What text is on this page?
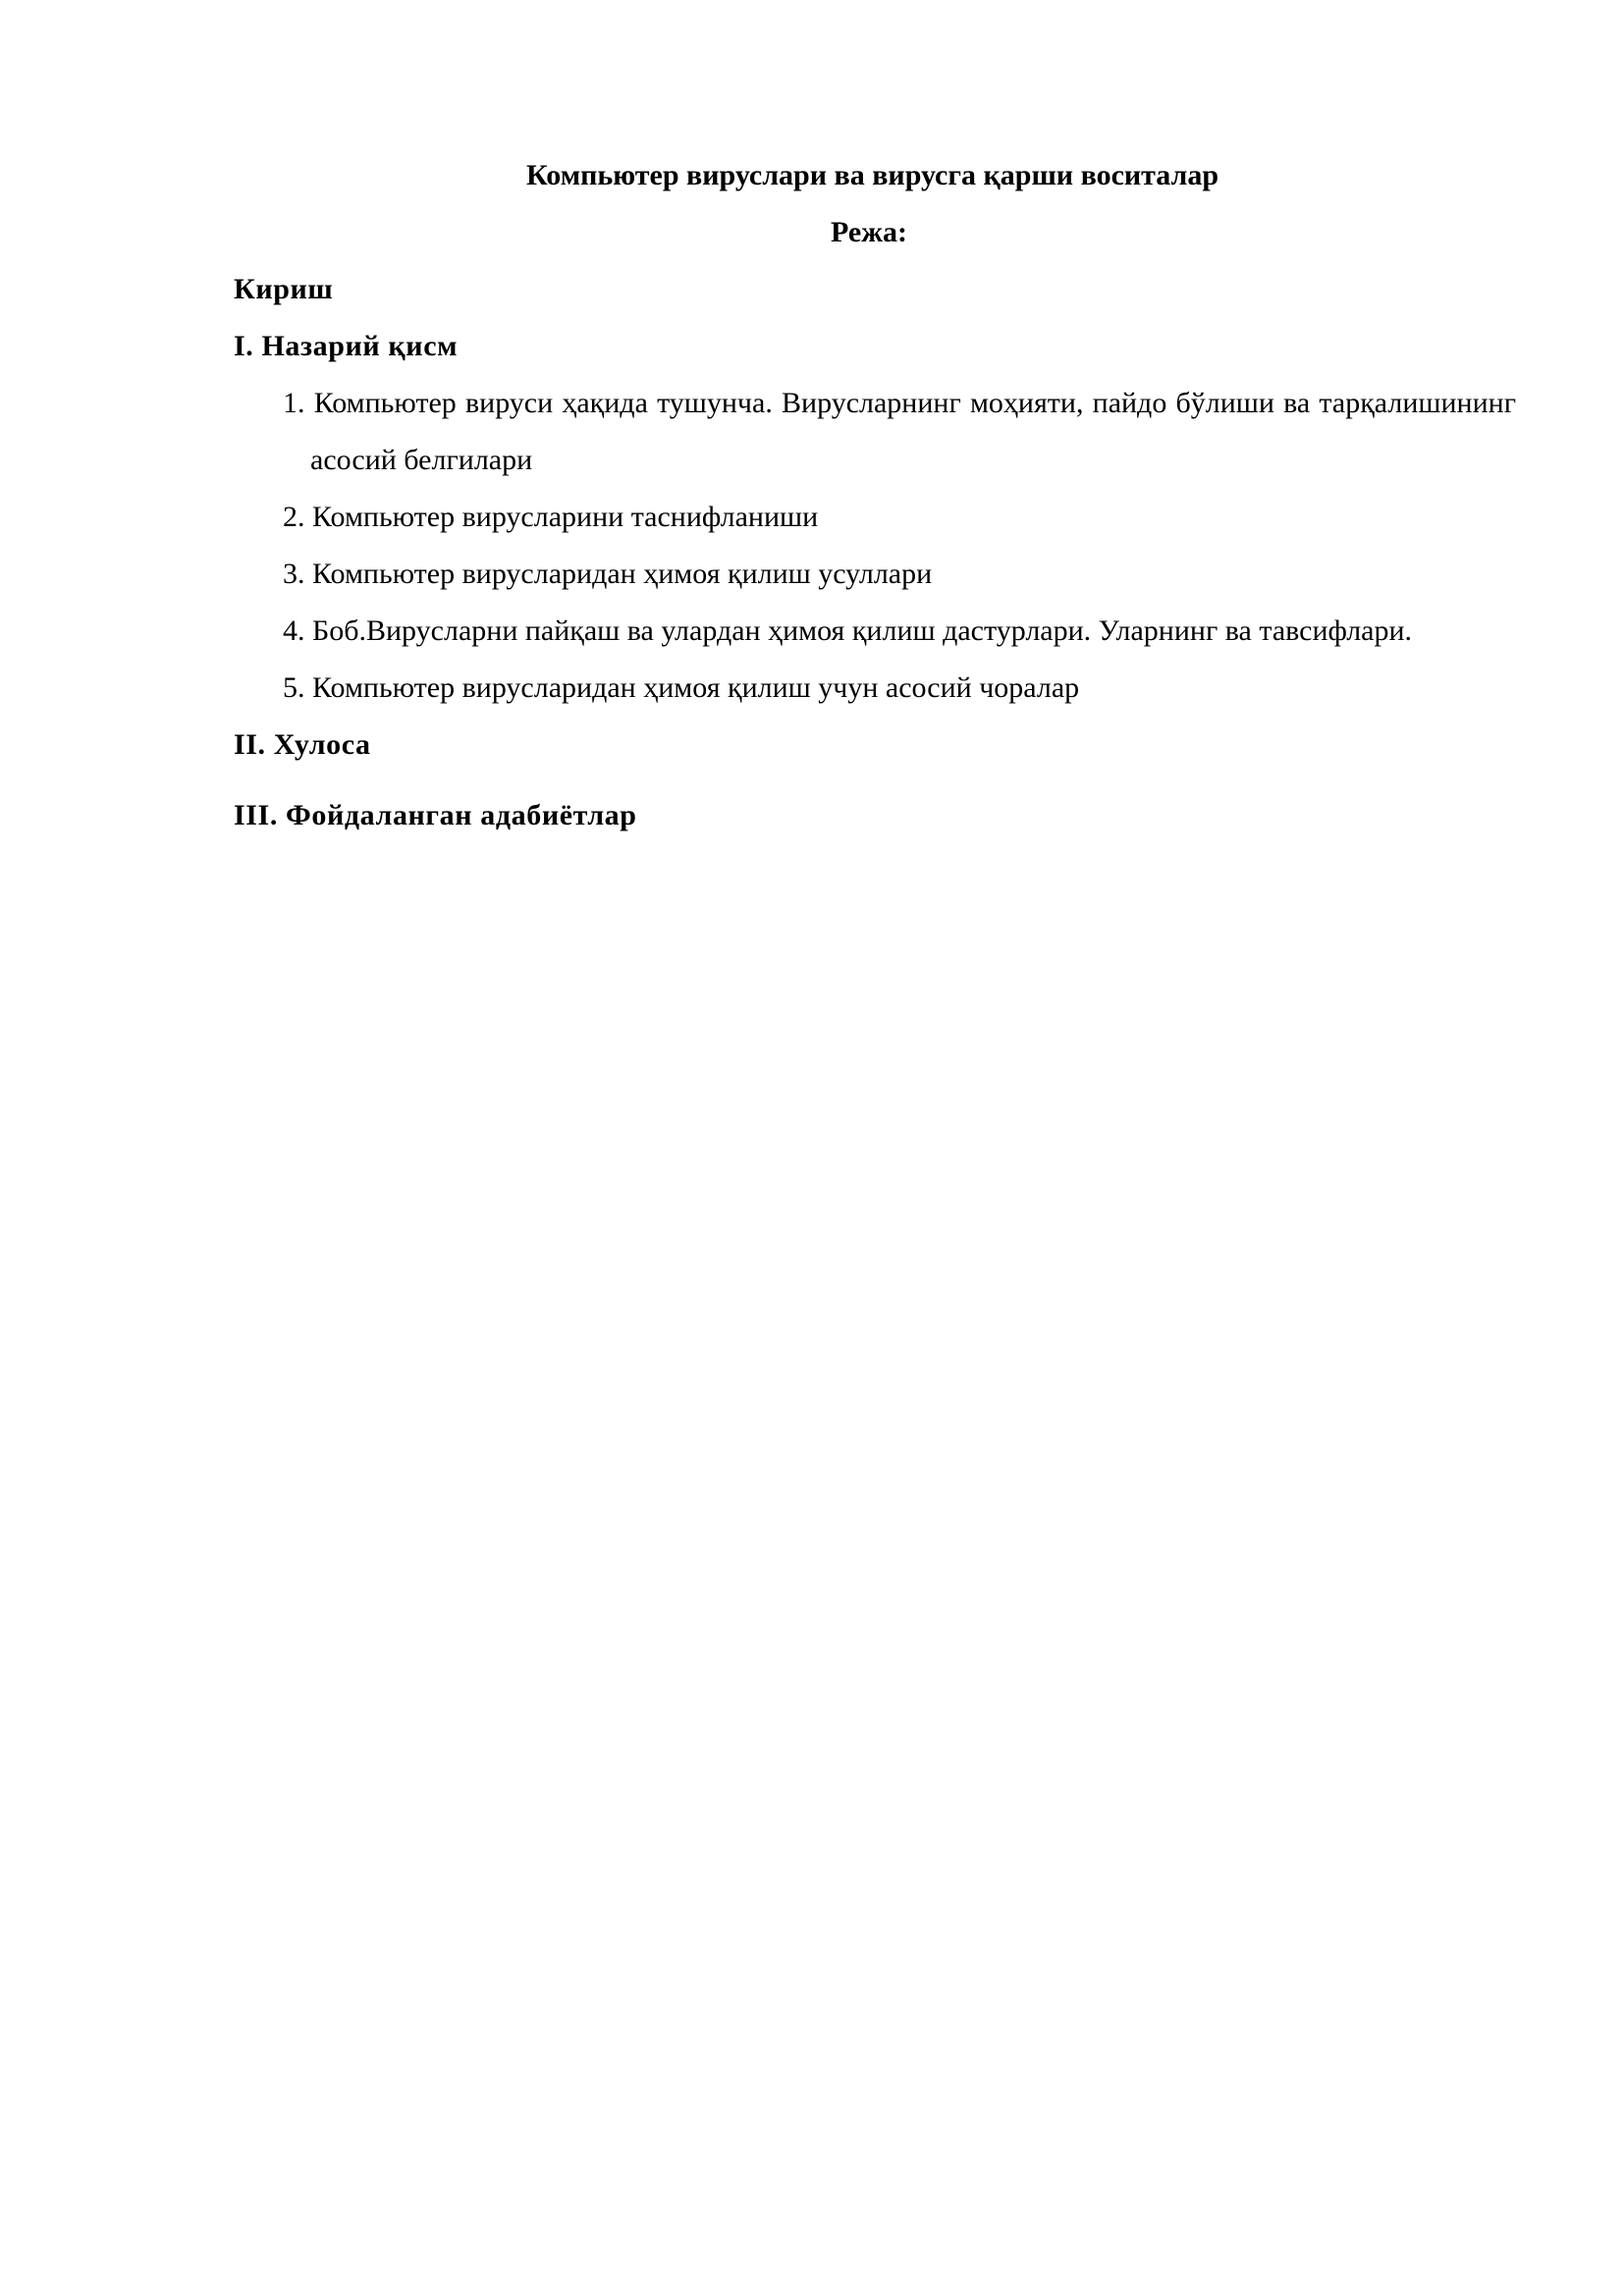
Компьютер вируслари ва вирусга қарши воситалар

Режа:

Кириш

I. Назарий қисм

1. Компьютер вируси ҳақида тушунча. Вирусларнинг моҳияти, пайдо бўлиши ва тарқалишининг асосий белгилари
2. Компьютер вирусларини таснифланиши
3. Компьютер вирусларидан ҳимоя қилиш усуллари
4. Боб.Вирусларни пайқаш ва улардан ҳимоя қилиш дастурлари. Уларнинг ва тавсифлари.
5. Компьютер вирусларидан ҳимоя қилиш учун асосий чоралар

II. Хулоса

III. Фойдаланган адабиётлар
